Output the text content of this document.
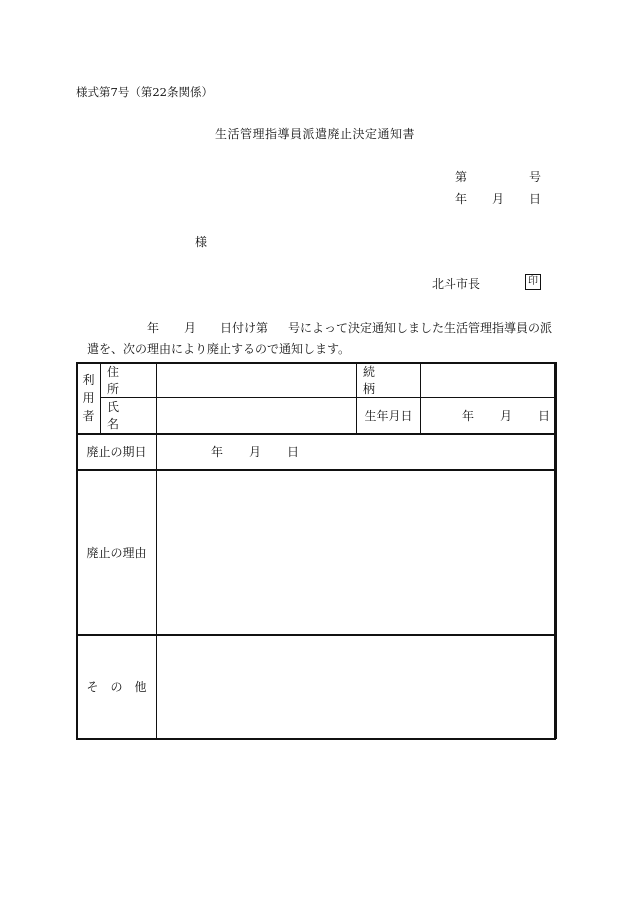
様式第7号（第22条関係）
生活管理指導員派遣廃止決定通知書
第	号
年 月 日
様
北斗市長	印
年 月 日付け第 号によって決定通知しました生活管理指導員の派
遣を、次の理由により廃止するので通知します。
利用者	住　所		続　柄	
	氏　名		生年月日	年 月 日
廃止の期日		年 月 日		
廃止の理由				
そ　の　他				
